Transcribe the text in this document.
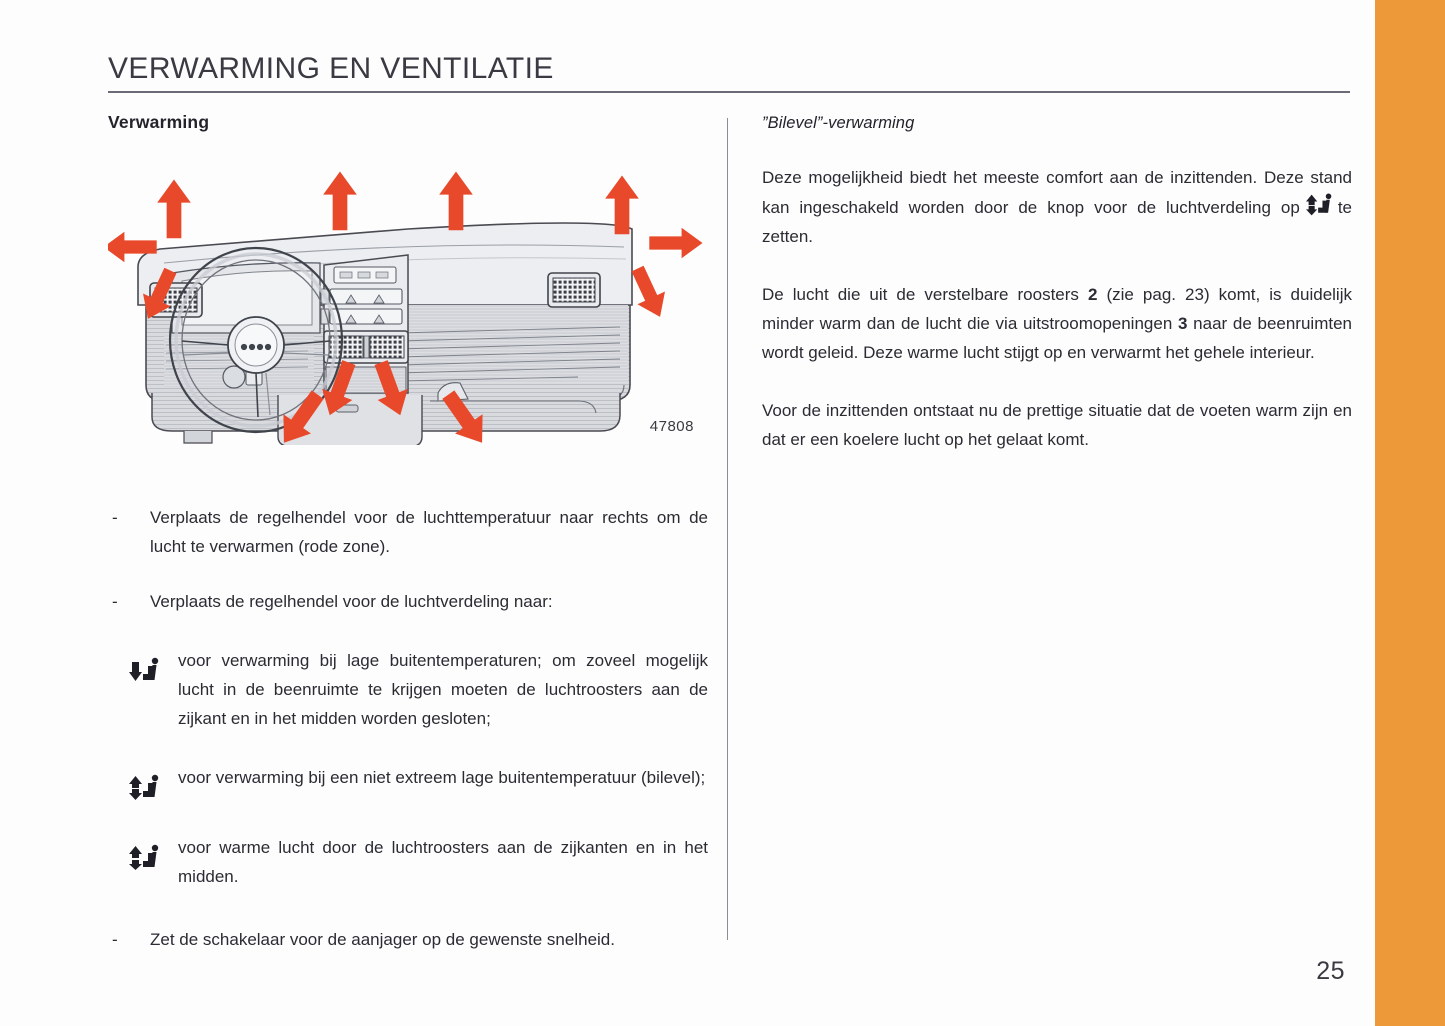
VERWARMING EN VENTILATIE
Verwarming
47808
-	Verplaats de regelhendel voor de luchttemperatuur naar rechts om de lucht te verwarmen (rode zone).
-	Verplaats de regelhendel voor de luchtverdeling naar:
voor verwarming bij lage buitentemperaturen; om zoveel mogelijk lucht in de beenruimte te krijgen moeten de luchtroosters aan de zijkant en in het midden worden gesloten;
voor verwarming bij een niet extreem lage buitentemperatuur (bilevel);
voor warme lucht door de luchtroosters aan de zijkanten en in het midden.
-	Zet de schakelaar voor de aanjager op de gewenste snelheid.
”Bilevel”-verwarming

Deze mogelijkheid biedt het meeste comfort aan de inzittenden. Deze stand kan ingeschakeld worden door de knop voor de luchtverdeling op te zetten.

De lucht die uit de verstelbare roosters 2 (zie pag. 23) komt, is duidelijk minder warm dan de lucht die via uitstroomopeningen 3 naar de beenruimten wordt geleid. Deze warme lucht stijgt op en verwarmt het gehele interieur.

Voor de inzittenden ontstaat nu de prettige situatie dat de voeten warm zijn en dat er een koelere lucht op het gelaat komt.

25
